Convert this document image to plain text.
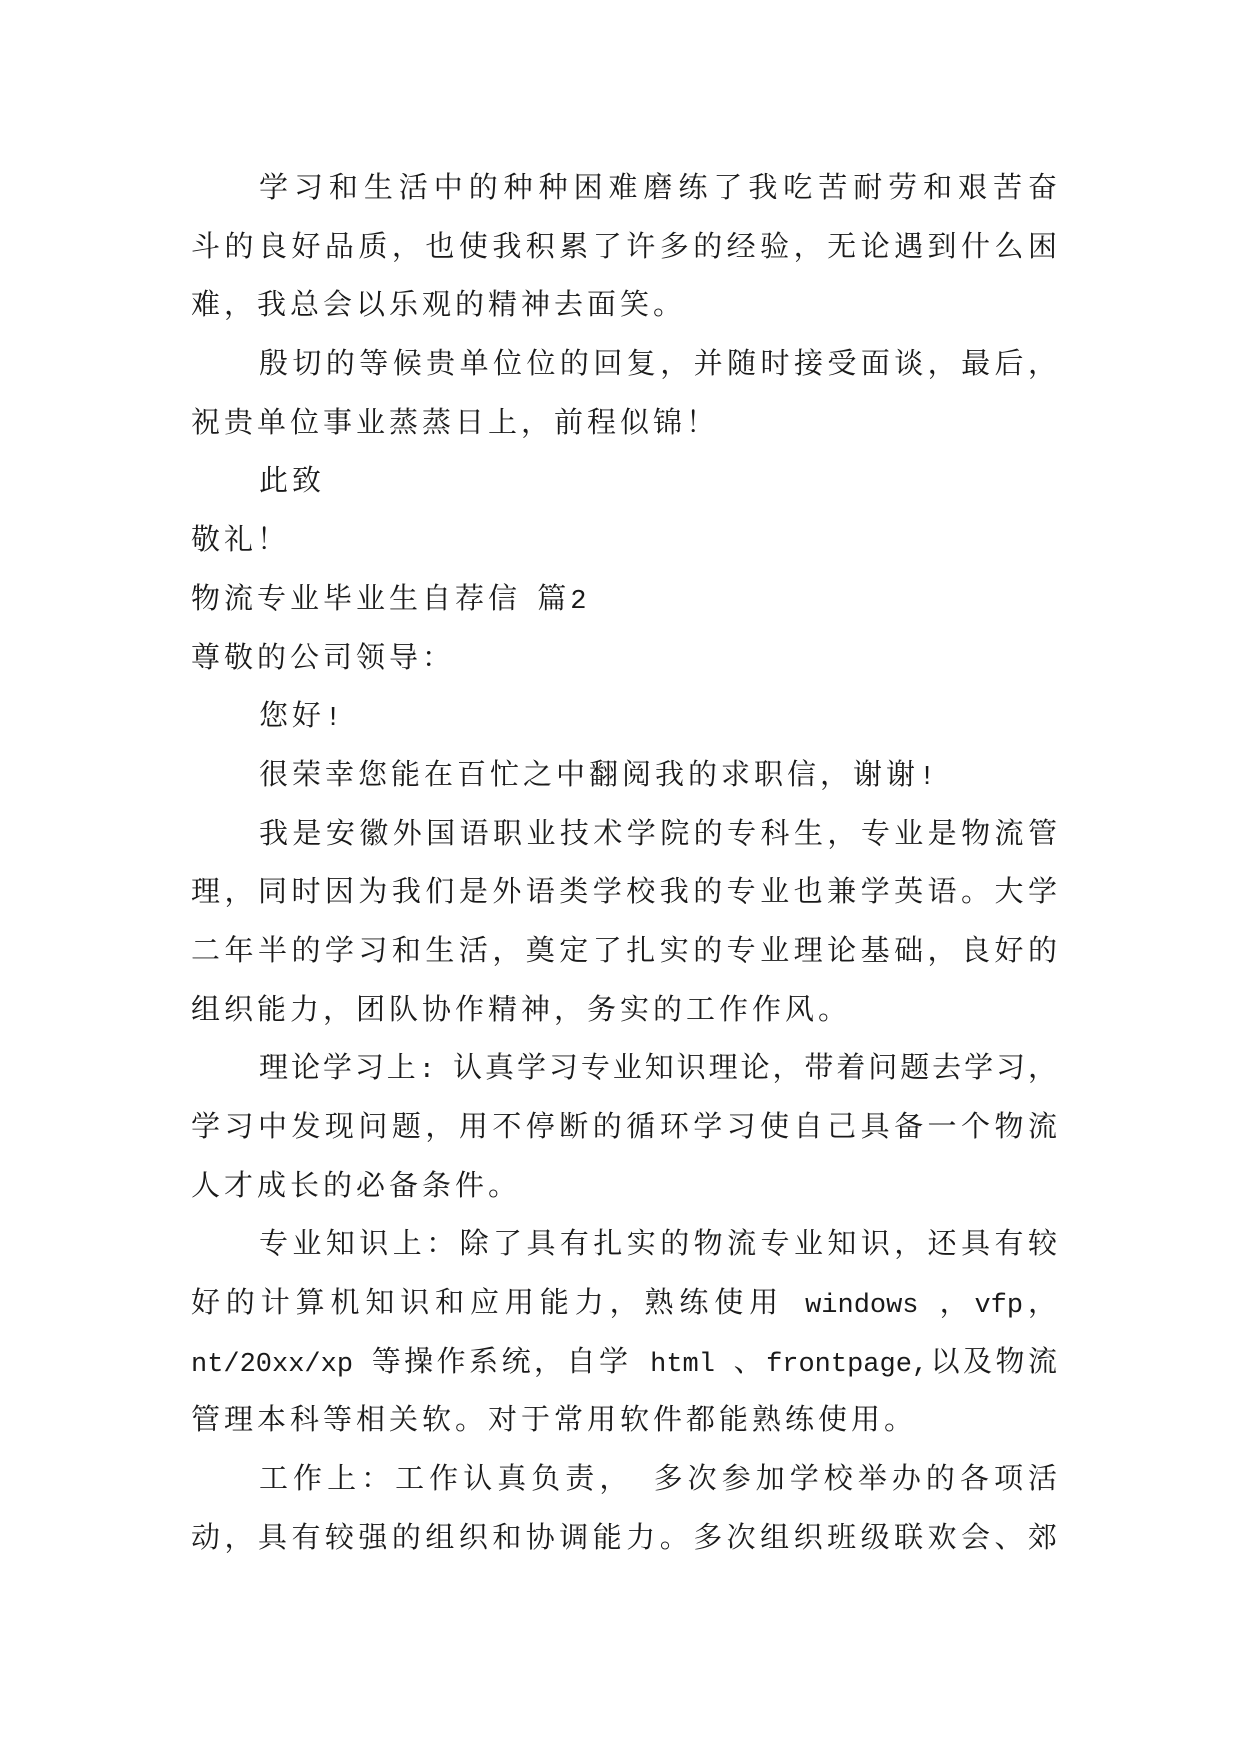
学习和生活中的种种困难磨练了我吃苦耐劳和艰苦奋
斗的良好品质，也使我积累了许多的经验，无论遇到什么困
难，我总会以乐观的精神去面笑。
殷切的等候贵单位位的回复，并随时接受面谈，最后，
祝贵单位事业蒸蒸日上，前程似锦！
此致
敬礼！
物流专业毕业生自荐信 篇2
尊敬的公司领导：
您好!
很荣幸您能在百忙之中翻阅我的求职信，谢谢!
我是安徽外国语职业技术学院的专科生，专业是物流管
理，同时因为我们是外语类学校我的专业也兼学英语。大学
二年半的学习和生活，奠定了扎实的专业理论基础，良好的
组织能力，团队协作精神，务实的工作作风。
理论学习上: 认真学习专业知识理论，带着问题去学习，
学习中发现问题，用不停断的循环学习使自己具备一个物流
人才成长的必备条件。
专业知识上：除了具有扎实的物流专业知识，还具有较
好的计算机知识和应用能力，熟练使用 windows ，vfp，
nt/20xx/xp 等操作系统，自学 html 、frontpage,以及物流
管理本科等相关软。对于常用软件都能熟练使用。
工作上：工作认真负责， 多次参加学校举办的各项活
动，具有较强的组织和协调能力。多次组织班级联欢会、郊
